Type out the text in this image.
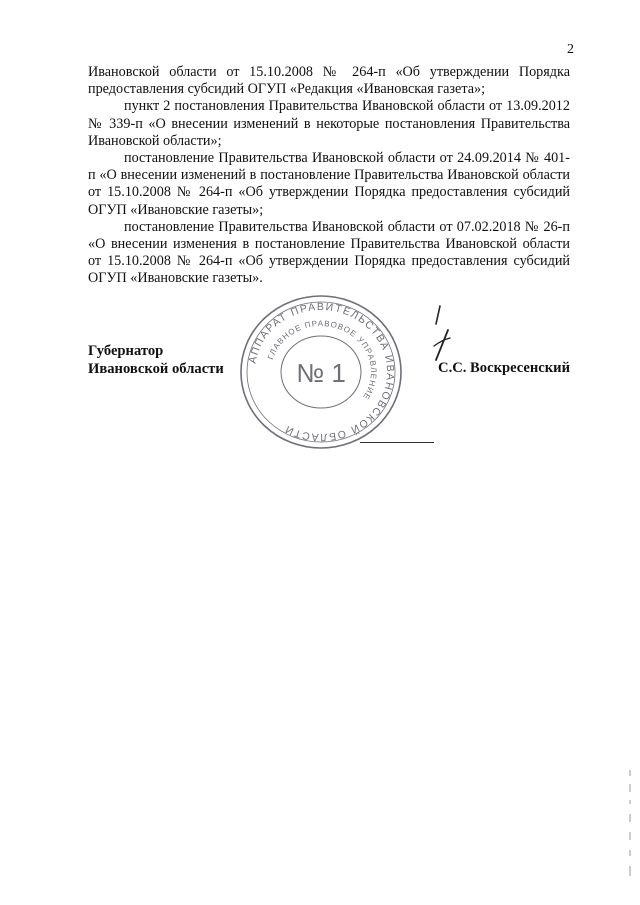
2

Ивановской области от 15.10.2008 № 264-п «Об утверждении Порядка предоставления субсидий ОГУП «Редакция «Ивановская газета»;

пункт 2 постановления Правительства Ивановской области от 13.09.2012 № 339-п «О внесении изменений в некоторые постановления Правительства Ивановской области»;

постановление Правительства Ивановской области от 24.09.2014 № 401-п «О внесении изменений в постановление Правительства Ивановской области от 15.10.2008 № 264-п «Об утверждении Порядка предоставления субсидий ОГУП «Ивановские газеты»;

постановление Правительства Ивановской области от 07.02.2018 № 26-п «О внесении изменения в постановление Правительства Ивановской области от 15.10.2008 № 264-п «Об утверждении Порядка предоставления субсидий ОГУП «Ивановские газеты».

АППАРАТ ПРАВИТЕЛЬСТВА ИВАНОВСКОЙ ОБЛАСТИ
ГЛАВНОЕ ПРАВОВОЕ УПРАВЛЕНИЕ
№ 1
Губернатор
Ивановской области	С.С. Воскресенский
